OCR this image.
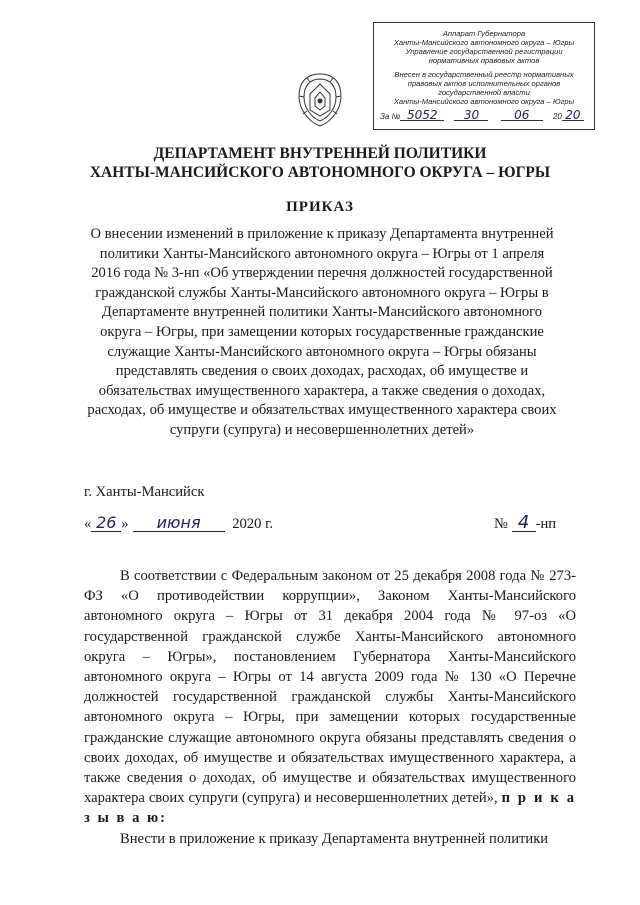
Аппарат Губернатора
Ханты-Мансийского автономного округа – Югры
Управление государственной регистрации
нормативных правовых актов
Внесен в государственный реестр нормативных
правовых актов исполнительных органов
государственной власти
Ханты-Мансийского автономного округа – Югры
За № 5052 30	06	20 20
ДЕПАРТАМЕНТ ВНУТРЕННЕЙ ПОЛИТИКИ
ХАНТЫ-МАНСИЙСКОГО АВТОНОМНОГО ОКРУГА – ЮГРЫ
ПРИКАЗ
О внесении изменений в приложение к приказу Департамента внутренней политики Ханты-Мансийского автономного округа – Югры от 1 апреля 2016 года № 3-нп «Об утверждении перечня должностей государственной гражданской службы Ханты-Мансийского автономного округа – Югры в Департаменте внутренней политики Ханты-Мансийского автономного округа – Югры, при замещении которых государственные гражданские служащие Ханты-Мансийского автономного округа – Югры обязаны представлять сведения о своих доходах, расходах, об имуществе и обязательствах имущественного характера, а также сведения о доходах, расходах, об имуществе и обязательствах имущественного характера своих супруги (супруга) и несовершеннолетних детей»
г. Ханты-Мансийск
« 26 » июня 2020 г.	№ 4 -нп

В соответствии с Федеральным законом от 25 декабря 2008 года № 273-ФЗ «О противодействии коррупции», Законом Ханты-Мансийского автономного округа – Югры от 31 декабря 2004 года № 97-оз «О государственной гражданской службе Ханты-Мансийского автономного округа – Югры», постановлением Губернатора Ханты-Мансийского автономного округа – Югры от 14 августа 2009 года № 130 «О Перечне должностей государственной гражданской службы Ханты-Мансийского автономного округа – Югры, при замещении которых государственные гражданские служащие автономного округа обязаны представлять сведения о своих доходах, об имуществе и обязательствах имущественного характера, а также сведения о доходах, об имуществе и обязательствах имущественного характера своих супруги (супруга) и несовершеннолетних детей», п р и к а з ы в а ю:

Внести в приложение к приказу Департамента внутренней политики
